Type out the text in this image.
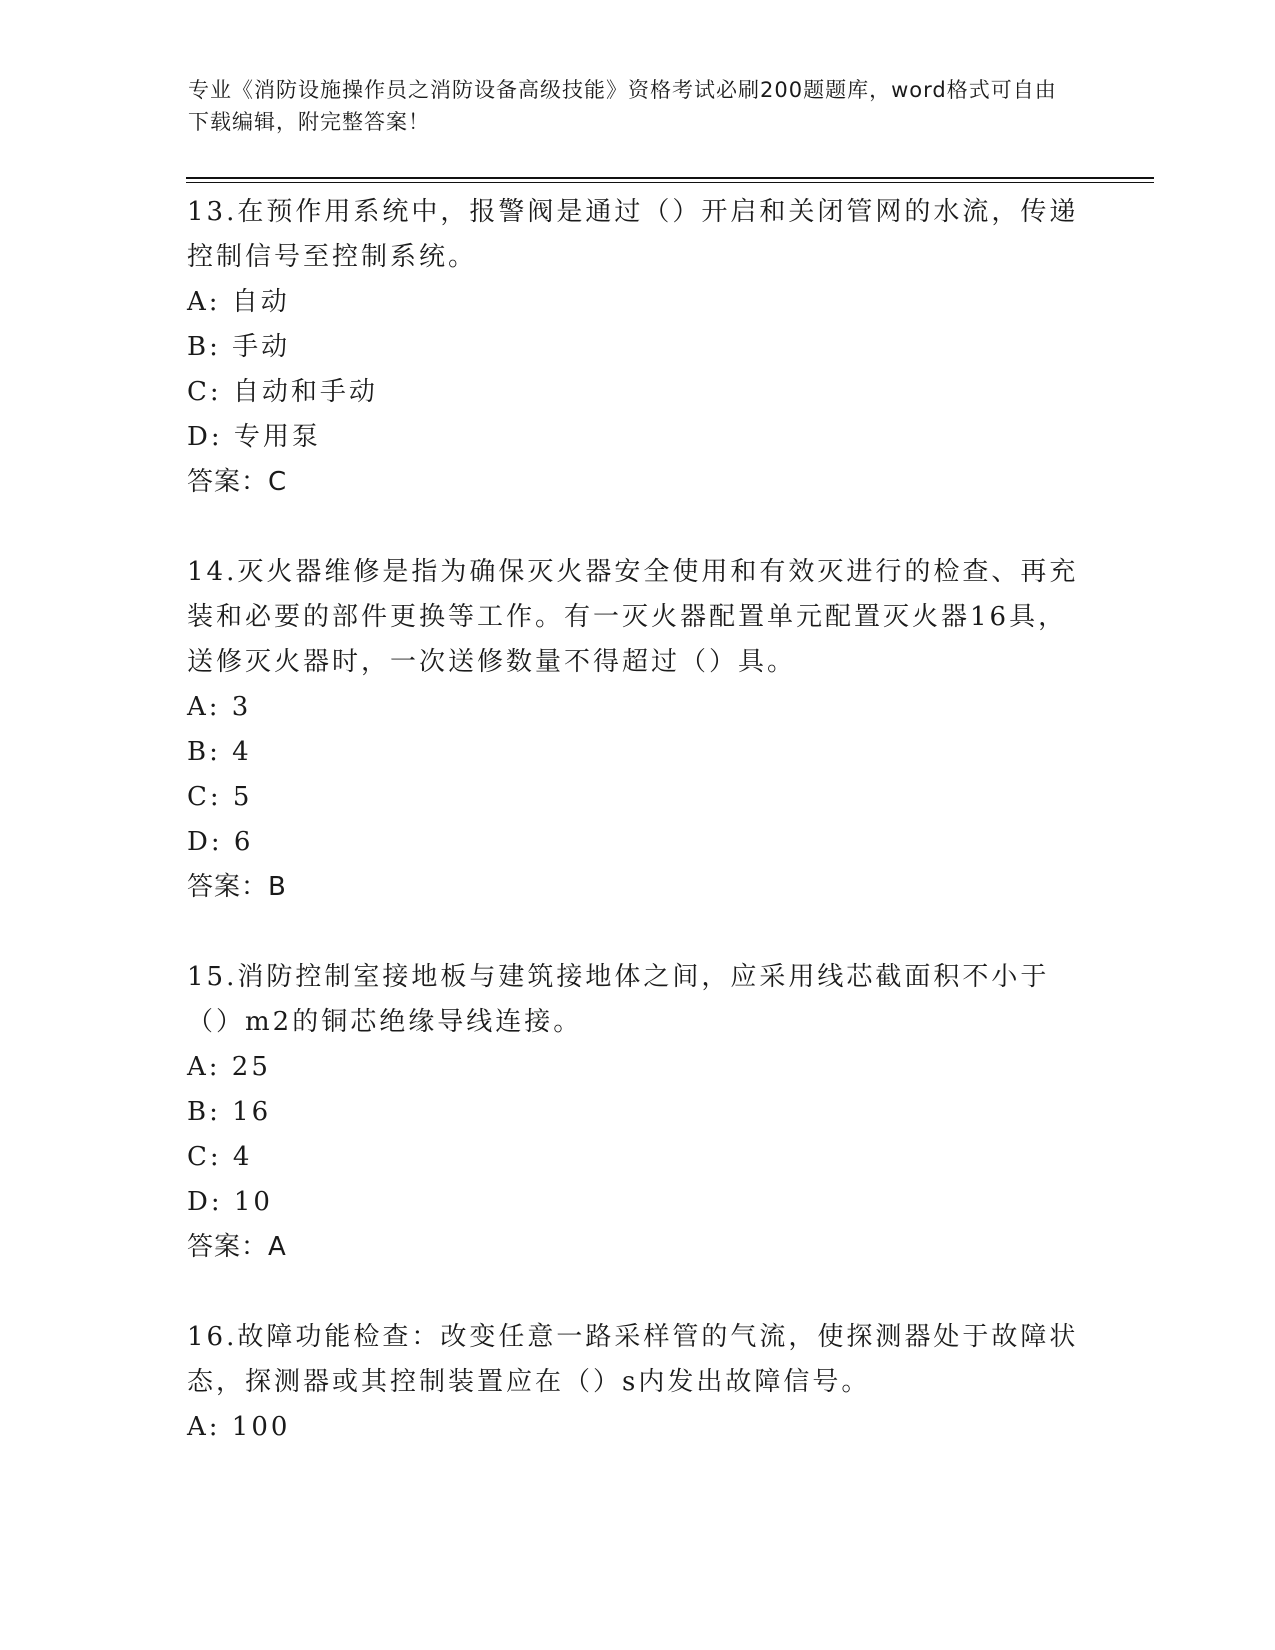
专业《消防设施操作员之消防设备高级技能》资格考试必刷200题题库，word格式可自由下载编辑，附完整答案！

13.在预作用系统中，报警阀是通过（）开启和关闭管网的水流，传递控制信号至控制系统。

A: 自动

B: 手动

C: 自动和手动

D: 专用泵

答案：C

14.灭火器维修是指为确保灭火器安全使用和有效灭进行的检查、再充装和必要的部件更换等工作。有一灭火器配置单元配置灭火器16具，送修灭火器时，一次送修数量不得超过（）具。

A: 3

B: 4

C: 5

D: 6

答案：B

15.消防控制室接地板与建筑接地体之间，应采用线芯截面积不小于（）m2的铜芯绝缘导线连接。

A: 25

B: 16

C: 4

D: 10

答案：A

16.故障功能检查：改变任意一路采样管的气流，使探测器处于故障状态，探测器或其控制装置应在（）s内发出故障信号。

A: 100
